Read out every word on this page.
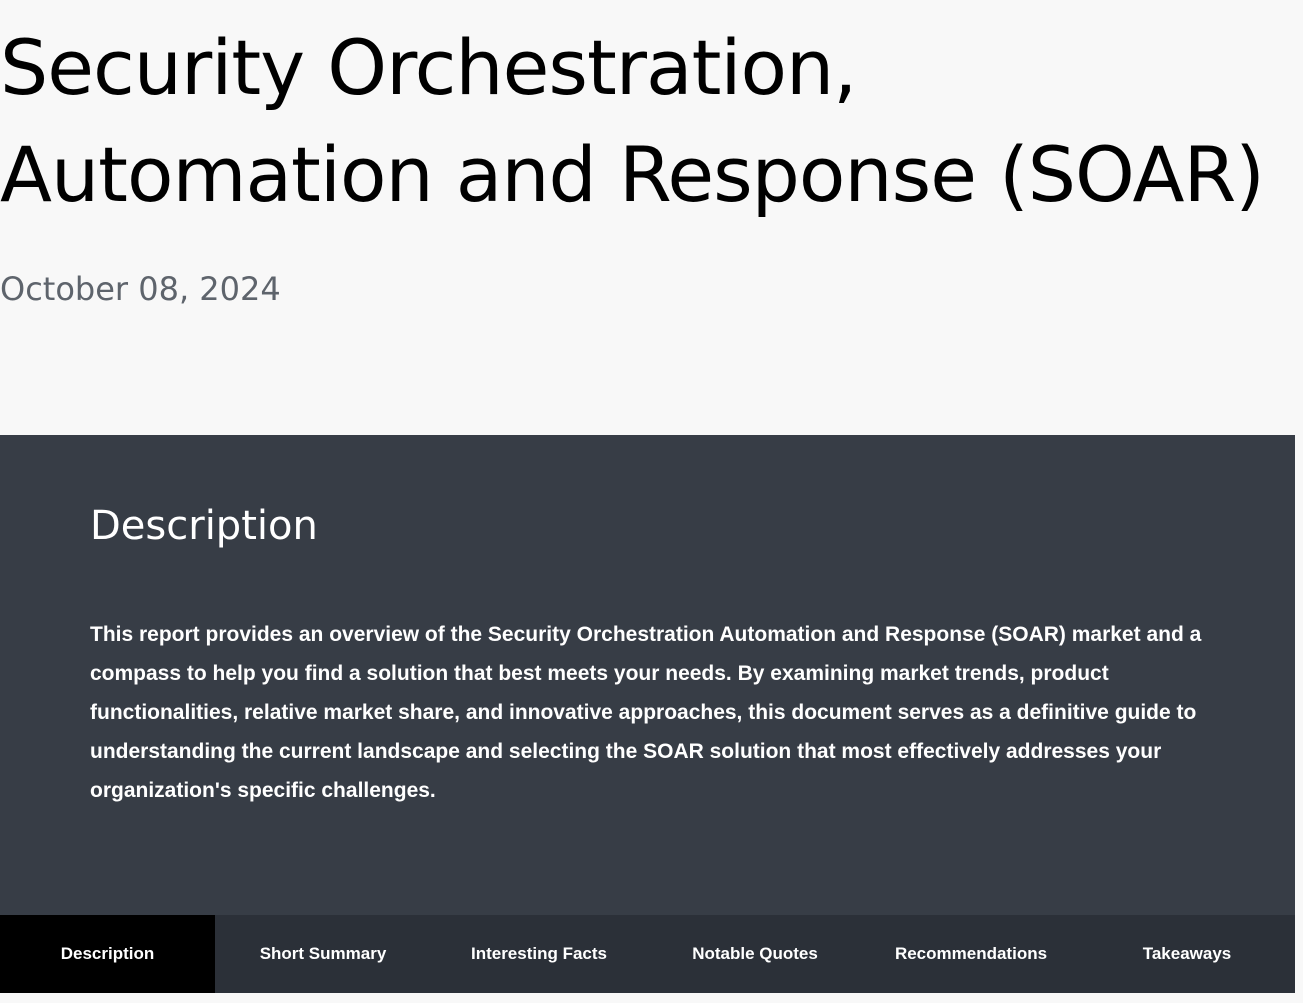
Security Orchestration,
Automation and Response (SOAR)

October 08, 2024

Description

This report provides an overview of the Security Orchestration Automation and Response (SOAR) market and a compass to help you find a solution that best meets your needs. By examining market trends, product functionalities, relative market share, and innovative approaches, this document serves as a definitive guide to understanding the current landscape and selecting the SOAR solution that most effectively addresses your organization's specific challenges.

Description	Short Summary	Interesting Facts	Notable Quotes	Recommendations	Takeaways
